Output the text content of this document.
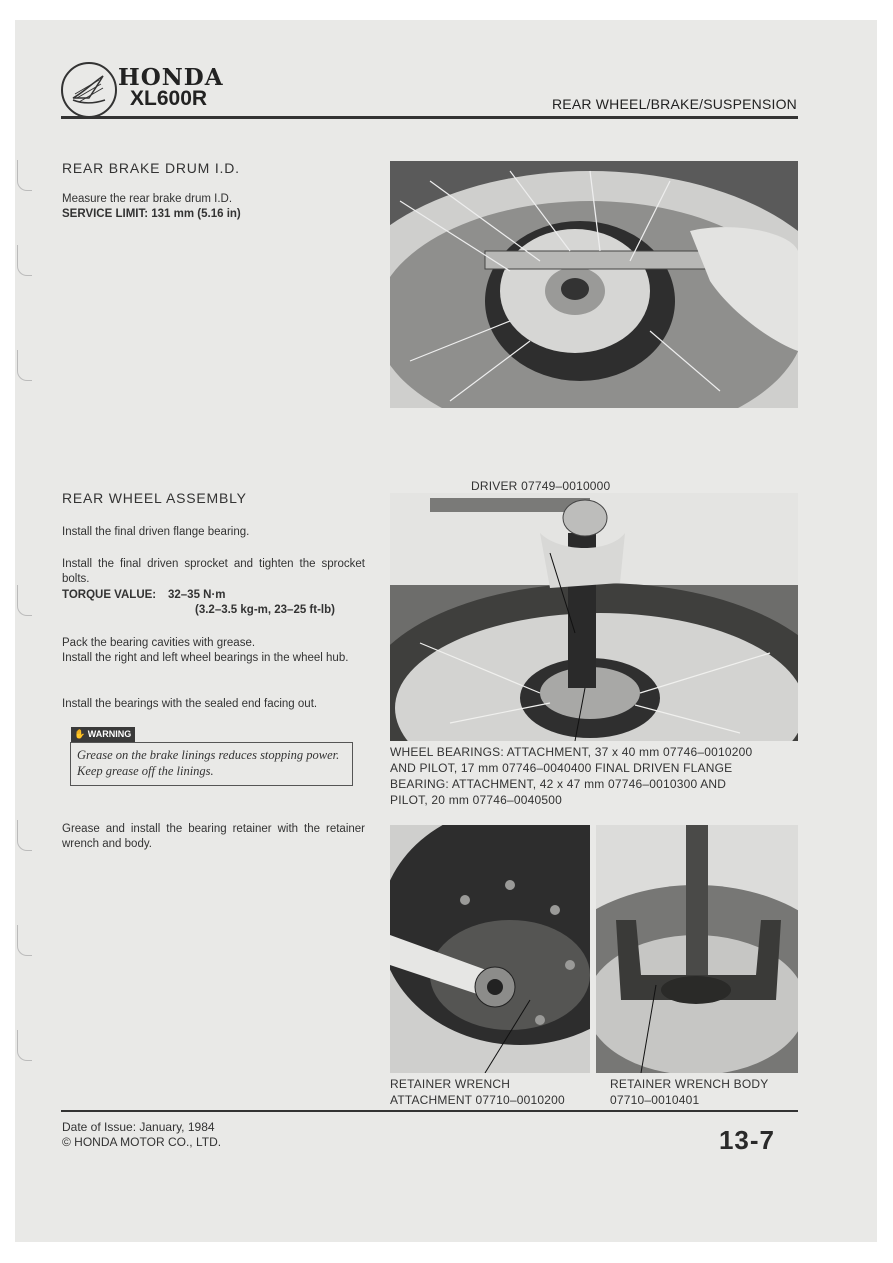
HONDA
XL600R	REAR WHEEL/BRAKE/SUSPENSION
REAR BRAKE DRUM I.D.
Measure the rear brake drum I.D.
SERVICE LIMIT: 131 mm (5.16 in)
REAR WHEEL ASSEMBLY
Install the final driven flange bearing.
Install the final driven sprocket and tighten the sprocket bolts.
TORQUE VALUE:	32–35 N·m
(3.2–3.5 kg-m, 23–25 ft-lb)
Pack the bearing cavities with grease.
Install the right and left wheel bearings in the wheel hub.
Install the bearings with the sealed end facing out.
✋ WARNING
Grease on the brake linings reduces stopping power. Keep grease off the linings.
Grease and install the bearing retainer with the retainer wrench and body.
DRIVER 07749–0010000
WHEEL BEARINGS: ATTACHMENT, 37 x 40 mm 07746–0010200
AND PILOT, 17 mm 07746–0040400 FINAL DRIVEN FLANGE
BEARING: ATTACHMENT, 42 x 47 mm 07746–0010300 AND
PILOT, 20 mm 07746–0040500
RETAINER WRENCH
ATTACHMENT 07710–0010200
RETAINER WRENCH BODY
07710–0010401
Date of Issue: January, 1984
© HONDA MOTOR CO., LTD.	13-7
